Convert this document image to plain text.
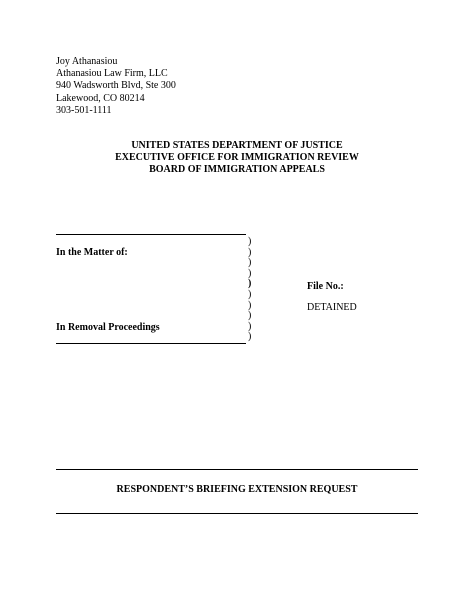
Joy Athanasiou
Athanasiou Law Firm, LLC
940 Wadsworth Blvd, Ste 300
Lakewood, CO 80214
303-501-1111
UNITED STATES DEPARTMENT OF JUSTICE
EXECUTIVE OFFICE FOR IMMIGRATION REVIEW
BOARD OF IMMIGRATION APPEALS
In the Matter of:
In Removal Proceedings
)
)
)
)
)
)
)
)
)
)
File No.:
DETAINED
RESPONDENT’S BRIEFING EXTENSION REQUEST
